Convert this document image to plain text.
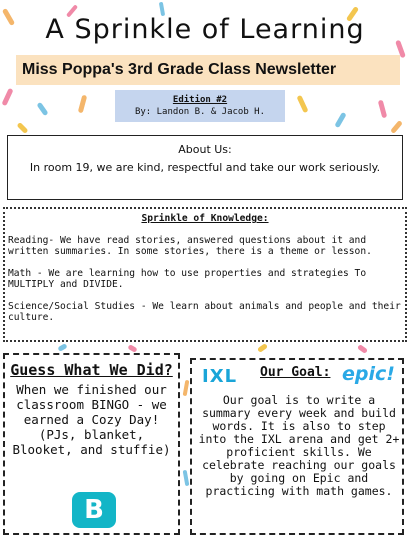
A Sprinkle of Learning
Miss Poppa's 3rd Grade Class Newsletter
Edition #2
By: Landon B. & Jacob H.
About Us:
In room 19, we are kind, respectful and take our work seriously.
Sprinkle of Knowledge:

Reading- We have read stories, answered questions about it and written summaries. In some stories, there is a theme or lesson.

Math - We are learning how to use properties and strategies To MULTIPLY and DIVIDE.

Science/Social Studies - We learn about animals and people and their culture.

Guess What We Did?
When we finished our classroom BINGO - we earned a Cozy Day! (PJs, blanket, Blooket, and stuffie)
B
IXL Our Goal: epic!
Our goal is to write a summary every week and build words. It is also to step into the IXL arena and get 2+ proficient skills. We celebrate reaching our goals by going on Epic and practicing with math games.
